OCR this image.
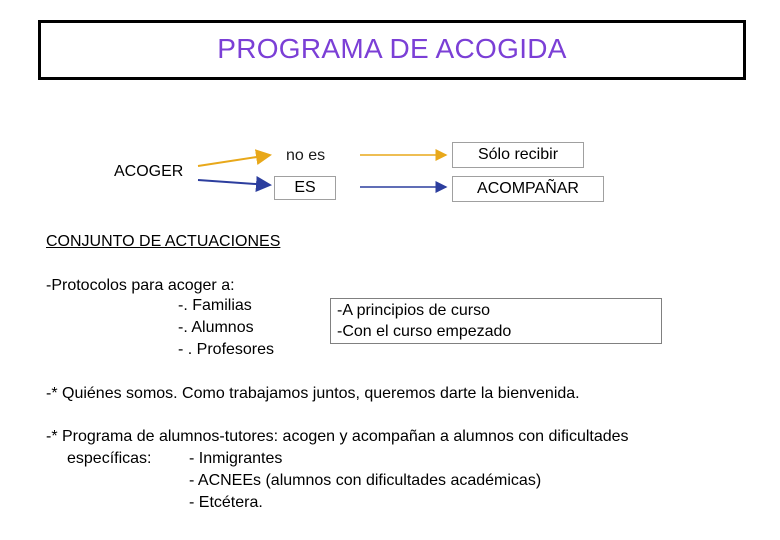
PROGRAMA DE ACOGIDA
ACOGER
no es
ES
Sólo recibir
ACOMPAÑAR
CONJUNTO DE ACTUACIONES
-Protocolos para acoger a:
-. Familias
-. Alumnos
- . Profesores
-A principios de curso
-Con el curso empezado
-* Quiénes somos. Como trabajamos juntos, queremos darte la bienvenida.
-* Programa de alumnos-tutores: acogen y acompañan a alumnos con dificultades
específicas: - Inmigrantes
- ACNEEs (alumnos con dificultades académicas)
- Etcétera.
